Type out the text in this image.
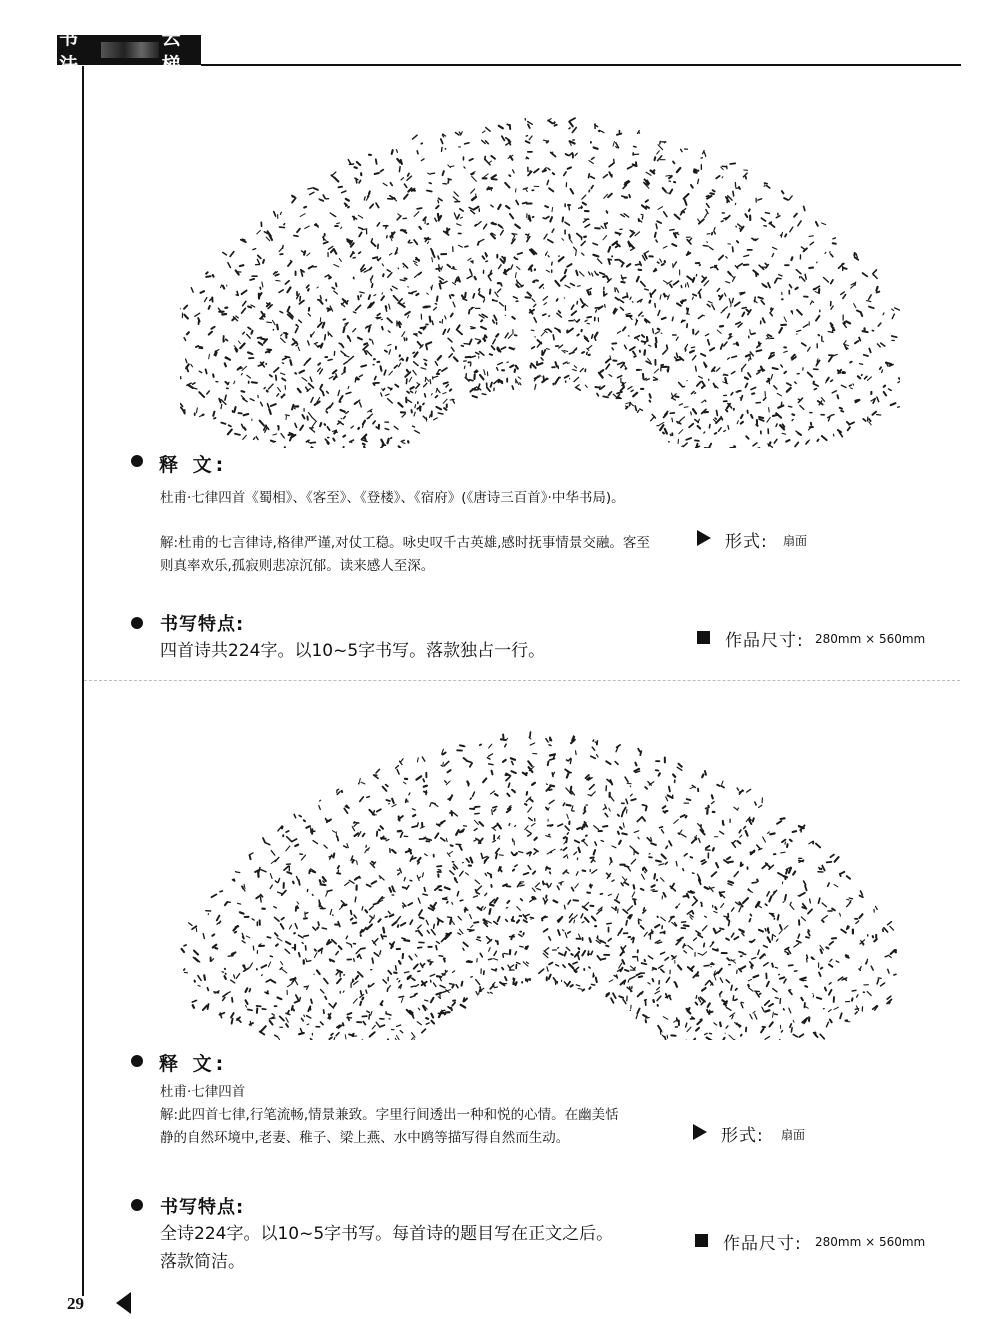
书法
云梯
释 文:
杜甫·七律四首《蜀相》、《客至》、《登楼》、《宿府》(《唐诗三百首》·中华书局)。
解:杜甫的七言律诗,格律严谨,对仗工稳。咏史叹千古英雄,感时抚事情景交融。客至则真率欢乐,孤寂则悲凉沉郁。读来感人至深。
形式: 扇面
书写特点:
四首诗共224字。以10~5字书写。落款独占一行。	作品尺寸: 280mm × 560mm
释 文:
杜甫·七律四首
解:此四首七律,行笔流畅,情景兼致。字里行间透出一种和悦的心情。在幽美恬静的自然环境中,老妻、稚子、梁上燕、水中鸥等描写得自然而生动。	形式: 扇面
书写特点:
全诗224字。以10~5字书写。每首诗的题目写在正文之后。落款简洁。
作品尺寸: 280mm × 560mm
29
